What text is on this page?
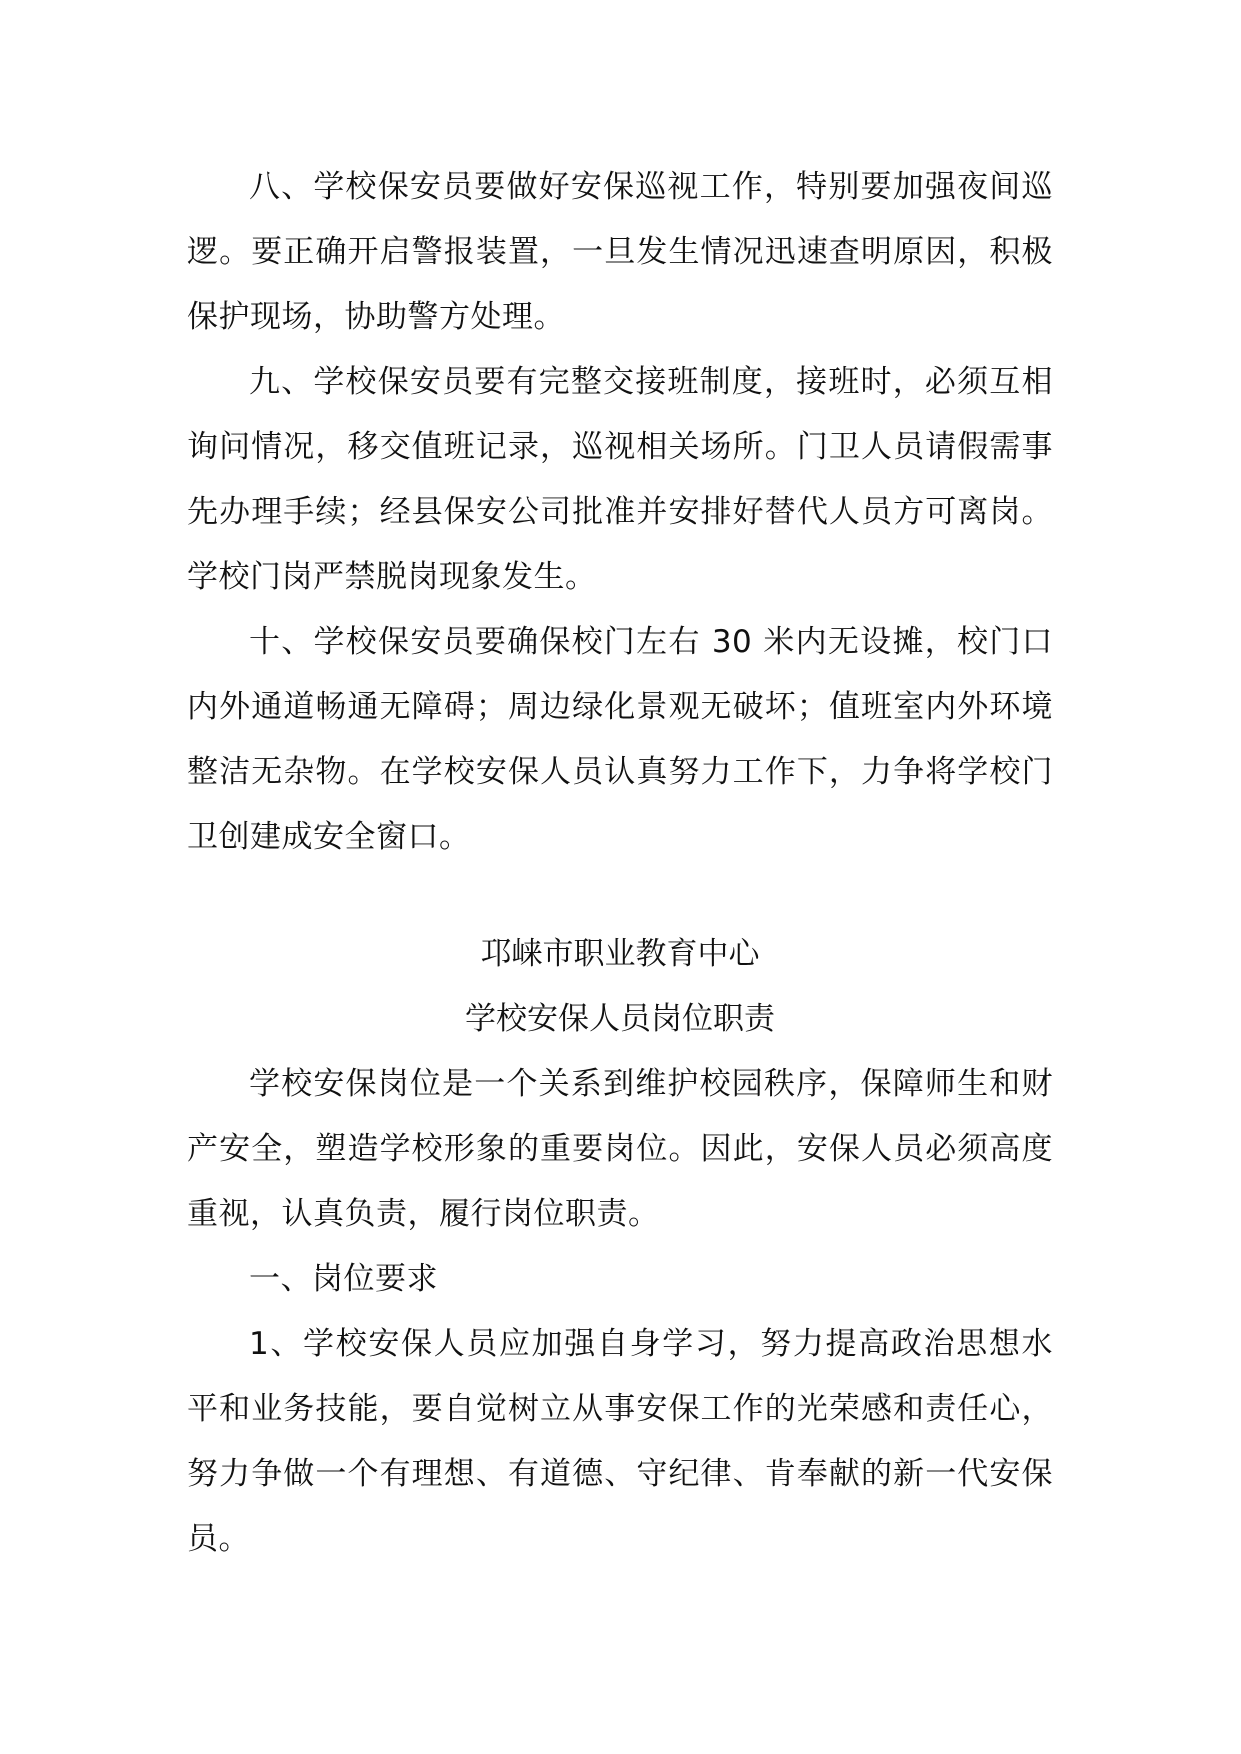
八、学校保安员要做好安保巡视工作，特别要加强夜间巡逻。要正确开启警报装置，一旦发生情况迅速查明原因，积极保护现场，协助警方处理。

九、学校保安员要有完整交接班制度，接班时，必须互相询问情况，移交值班记录，巡视相关场所。门卫人员请假需事先办理手续；经县保安公司批准并安排好替代人员方可离岗。学校门岗严禁脱岗现象发生。

十、学校保安员要确保校门左右 30 米内无设摊，校门口内外通道畅通无障碍；周边绿化景观无破坏；值班室内外环境整洁无杂物。在学校安保人员认真努力工作下，力争将学校门卫创建成安全窗口。

邛崃市职业教育中心

学校安保人员岗位职责

学校安保岗位是一个关系到维护校园秩序，保障师生和财产安全，塑造学校形象的重要岗位。因此，安保人员必须高度重视，认真负责，履行岗位职责。

一、岗位要求

1、学校安保人员应加强自身学习，努力提高政治思想水平和业务技能，要自觉树立从事安保工作的光荣感和责任心，努力争做一个有理想、有道德、守纪律、肯奉献的新一代安保员。
